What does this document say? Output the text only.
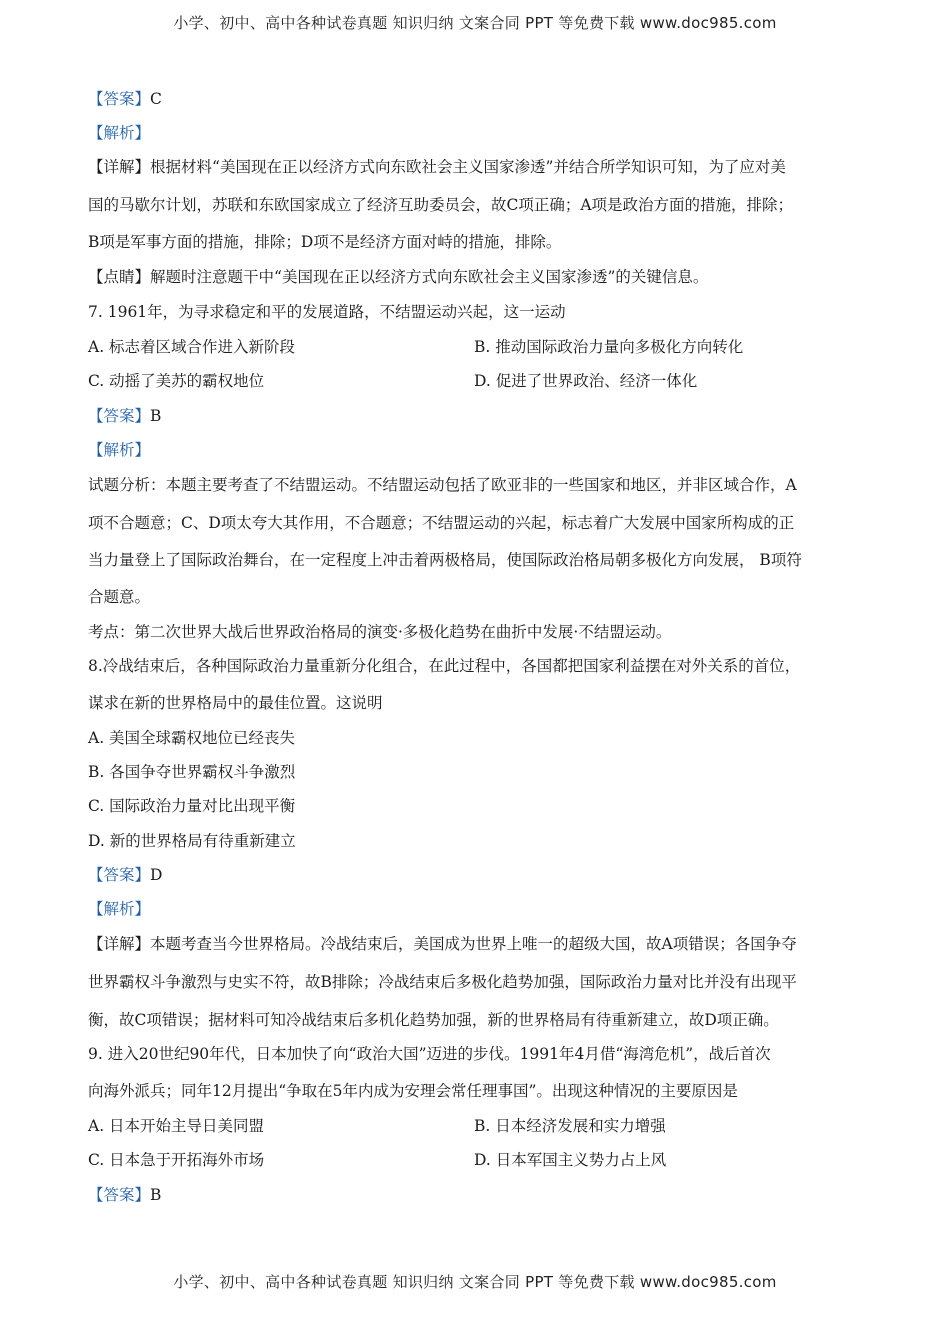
小学、初中、高中各种试卷真题 知识归纳 文案合同 PPT 等免费下载 www.doc985.com
【答案】C
【解析】
【详解】根据材料“美国现在正以经济方式向东欧社会主义国家渗透”并结合所学知识可知，为了应对美
国的马歇尔计划，苏联和东欧国家成立了经济互助委员会，故C项正确；A项是政治方面的措施，排除；
B项是军事方面的措施，排除；D项不是经济方面对峙的措施，排除。
【点睛】解题时注意题干中“美国现在正以经济方式向东欧社会主义国家渗透”的关键信息。
7. 1961年，为寻求稳定和平的发展道路，不结盟运动兴起，这一运动
A. 标志着区域合作进入新阶段	B. 推动国际政治力量向多极化方向转化
C. 动摇了美苏的霸权地位	D. 促进了世界政治、经济一体化
【答案】B
【解析】
试题分析：本题主要考查了不结盟运动。不结盟运动包括了欧亚非的一些国家和地区，并非区域合作，A
项不合题意；C、D项太夸大其作用，不合题意；不结盟运动的兴起，标志着广大发展中国家所构成的正
当力量登上了国际政治舞台，在一定程度上冲击着两极格局，使国际政治格局朝多极化方向发展， B项符
合题意。
考点：第二次世界大战后世界政治格局的演变·多极化趋势在曲折中发展·不结盟运动。
8.冷战结束后，各种国际政治力量重新分化组合，在此过程中，各国都把国家利益摆在对外关系的首位，
谋求在新的世界格局中的最佳位置。这说明
A. 美国全球霸权地位已经丧失
B. 各国争夺世界霸权斗争激烈
C. 国际政治力量对比出现平衡
D. 新的世界格局有待重新建立
【答案】D
【解析】
【详解】本题考查当今世界格局。冷战结束后，美国成为世界上唯一的超级大国，故A项错误；各国争夺
世界霸权斗争激烈与史实不符，故B排除；冷战结束后多极化趋势加强，国际政治力量对比并没有出现平
衡，故C项错误；据材料可知冷战结束后多机化趋势加强，新的世界格局有待重新建立，故D项正确。
9. 进入20世纪90年代，日本加快了向“政治大国”迈进的步伐。1991年4月借“海湾危机”，战后首次
向海外派兵；同年12月提出“争取在5年内成为安理会常任理事国”。出现这种情况的主要原因是
A. 日本开始主导日美同盟	B. 日本经济发展和实力增强
C. 日本急于开拓海外市场	D. 日本军国主义势力占上风
【答案】B
小学、初中、高中各种试卷真题 知识归纳 文案合同 PPT 等免费下载 www.doc985.com
